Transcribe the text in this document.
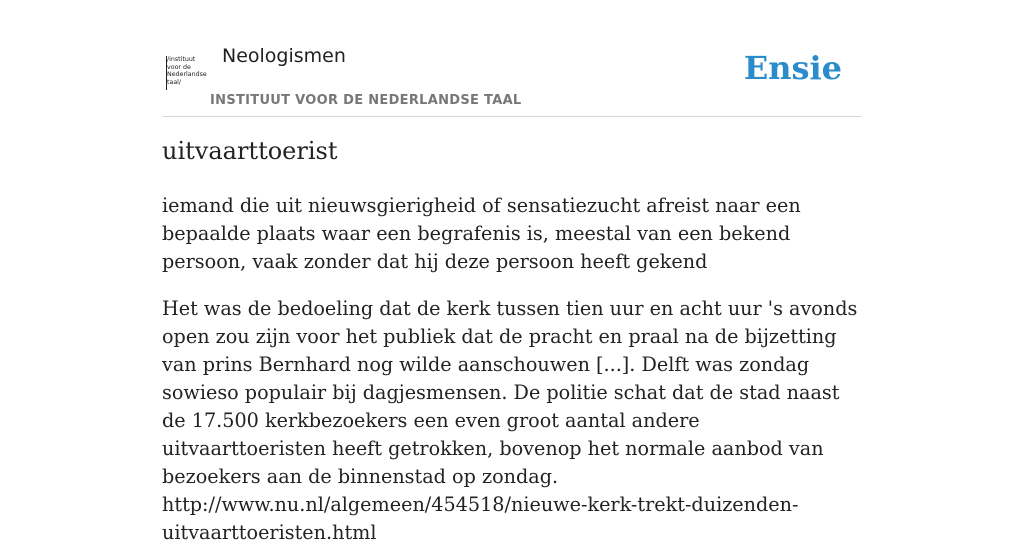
/instituut
voor de
Nederlandse
taal/
Neologismen
INSTITUUT VOOR DE NEDERLANDSE TAAL
Ensie
uitvaarttoerist
iemand die uit nieuwsgierigheid of sensatiezucht afreist naar een bepaalde plaats waar een begrafenis is, meestal van een bekend persoon, vaak zonder dat hij deze persoon heeft gekend
Het was de bedoeling dat de kerk tussen tien uur en acht uur 's avonds open zou zijn voor het publiek dat de pracht en praal na de bijzetting van prins Bernhard nog wilde aanschouwen [...]. Delft was zondag sowieso populair bij dagjesmensen. De politie schat dat de stad naast de 17.500 kerkbezoekers een even groot aantal andere uitvaarttoeristen heeft getrokken, bovenop het normale aanbod van bezoekers aan de binnenstad op zondag.
http://www.nu.nl/algemeen/454518/nieuwe-kerk-trekt-duizenden-uitvaarttoeristen.html
